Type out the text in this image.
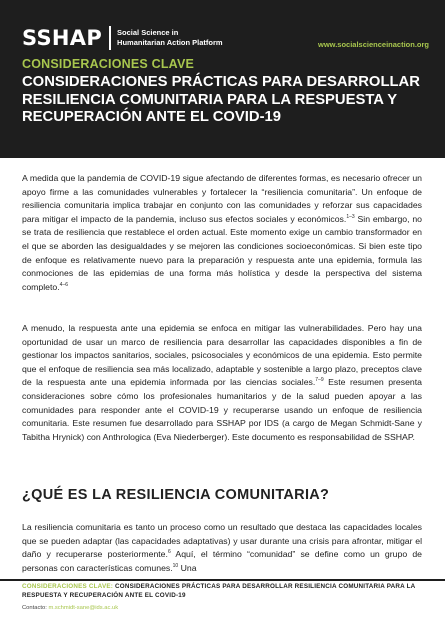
SSHAP Social Science in
Humanitarian Action Platform	www.socialscienceinaction.org
CONSIDERACIONES CLAVE
CONSIDERACIONES PRÁCTICAS PARA DESARROLLAR RESILIENCIA COMUNITARIA PARA LA RESPUESTA Y RECUPERACIÓN ANTE EL COVID-19
A medida que la pandemia de COVID-19 sigue afectando de diferentes formas, es necesario ofrecer un apoyo firme a las comunidades vulnerables y fortalecer la “resiliencia comunitaria”. Un enfoque de resiliencia comunitaria implica trabajar en conjunto con las comunidades y reforzar sus capacidades para mitigar el impacto de la pandemia, incluso sus efectos sociales y económicos.$^{1-3}$ Sin embargo, no se trata de resiliencia que restablece el orden actual. Este momento exige un cambio transformador en el que se aborden las desigualdades y se mejoren las condiciones socioeconómicas. Si bien este tipo de enfoque es relativamente nuevo para la preparación y respuesta ante una epidemia, formula las conmociones de las epidemias de una forma más holística y desde la perspectiva del sistema completo.$^{4-6}$
A menudo, la respuesta ante una epidemia se enfoca en mitigar las vulnerabilidades. Pero hay una oportunidad de usar un marco de resiliencia para desarrollar las capacidades disponibles a fin de gestionar los impactos sanitarios, sociales, psicosociales y económicos de una epidemia. Esto permite que el enfoque de resiliencia sea más localizado, adaptable y sostenible a largo plazo, preceptos clave de la respuesta ante una epidemia informada por las ciencias sociales.$^{7-9}$ Este resumen presenta consideraciones sobre cómo los profesionales humanitarios y de la salud pueden apoyar a las comunidades para responder ante el COVID-19 y recuperarse usando un enfoque de resiliencia comunitaria. Este resumen fue desarrollado para SSHAP por IDS (a cargo de Megan Schmidt-Sane y Tabitha Hrynick) con Anthrologica (Eva Niederberger). Este documento es responsabilidad de SSHAP.
¿QUÉ ES LA RESILIENCIA COMUNITARIA?
La resiliencia comunitaria es tanto un proceso como un resultado que destaca las capacidades locales que se pueden adaptar (las capacidades adaptativas) y usar durante una crisis para afrontar, mitigar el daño y recuperarse posteriormente.$^6$ Aquí, el término “comunidad” se define como un grupo de personas con características comunes.$^{10}$ Una
CONSIDERACIONES CLAVE: CONSIDERACIONES PRÁCTICAS PARA DESARROLLAR RESILIENCIA COMUNITARIA PARA LA RESPUESTA Y RECUPERACIÓN ANTE EL COVID-19
Contacto: m.schmidt-sane@ids.ac.uk
